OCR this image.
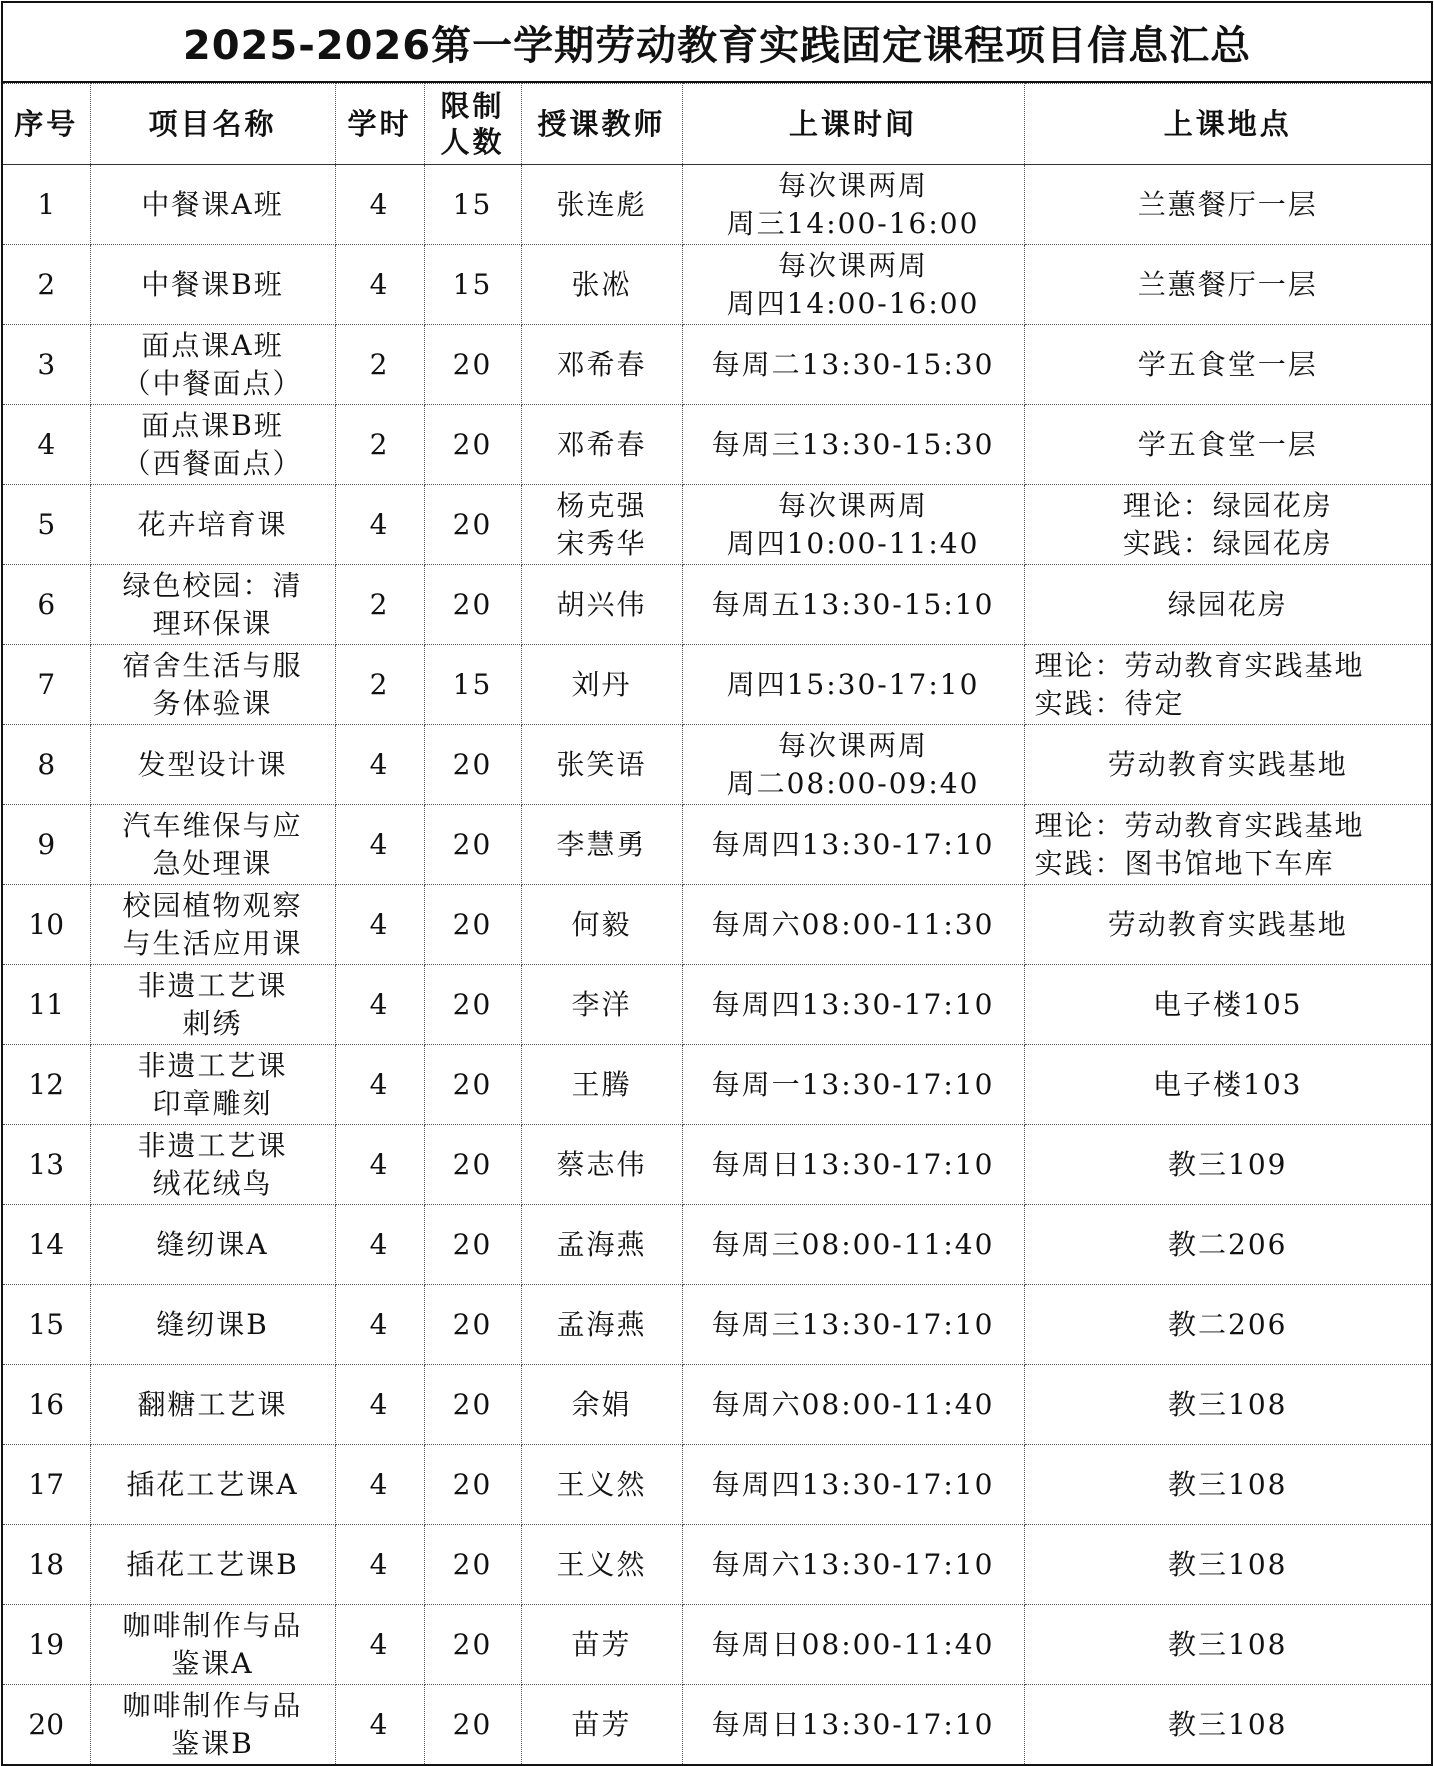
2025-2026第一学期劳动教育实践固定课程项目信息汇总
序号	项目名称	学时	限制
人数	授课教师	上课时间	上课地点
1	中餐课A班	4	15	张连彪	每次课两周
周三14:00-16:00	兰蕙餐厅一层

2	中餐课B班	4	15	张凇	每次课两周
周四14:00-16:00	兰蕙餐厅一层

3	面点课A班
（中餐面点）	2	20	邓希春	每周二13:30-15:30	学五食堂一层

4	面点课B班
（西餐面点）	2	20	邓希春	每周三13:30-15:30	学五食堂一层

5	花卉培育课	4	20	杨克强
宋秀华	每次课两周
周四10:00-11:40	理论：绿园花房
实践：绿园花房

6	绿色校园：清
理环保课	2	20	胡兴伟	每周五13:30-15:10	绿园花房

7	宿舍生活与服
务体验课	2	15	刘丹	周四15:30-17:10	理论：劳动教育实践基地
实践：待定

8	发型设计课	4	20	张笑语	每次课两周
周二08:00-09:40	劳动教育实践基地

9	汽车维保与应
急处理课	4	20	李慧勇	每周四13:30-17:10	理论：劳动教育实践基地
实践：图书馆地下车库

10	校园植物观察
与生活应用课	4	20	何毅	每周六08:00-11:30	劳动教育实践基地

11	非遗工艺课
刺绣	4	20	李洋	每周四13:30-17:10	电子楼105

12	非遗工艺课
印章雕刻	4	20	王腾	每周一13:30-17:10	电子楼103

13	非遗工艺课
绒花绒鸟	4	20	蔡志伟	每周日13:30-17:10	教三109

14	缝纫课A	4	20	孟海燕	每周三08:00-11:40	教二206

15	缝纫课B	4	20	孟海燕	每周三13:30-17:10	教二206

16	翻糖工艺课	4	20	余娟	每周六08:00-11:40	教三108

17	插花工艺课A	4	20	王义然	每周四13:30-17:10	教三108

18	插花工艺课B	4	20	王义然	每周六13:30-17:10	教三108

19	咖啡制作与品
鉴课A	4	20	苗芳	每周日08:00-11:40	教三108

20	咖啡制作与品
鉴课B	4	20	苗芳	每周日13:30-17:10	教三108
